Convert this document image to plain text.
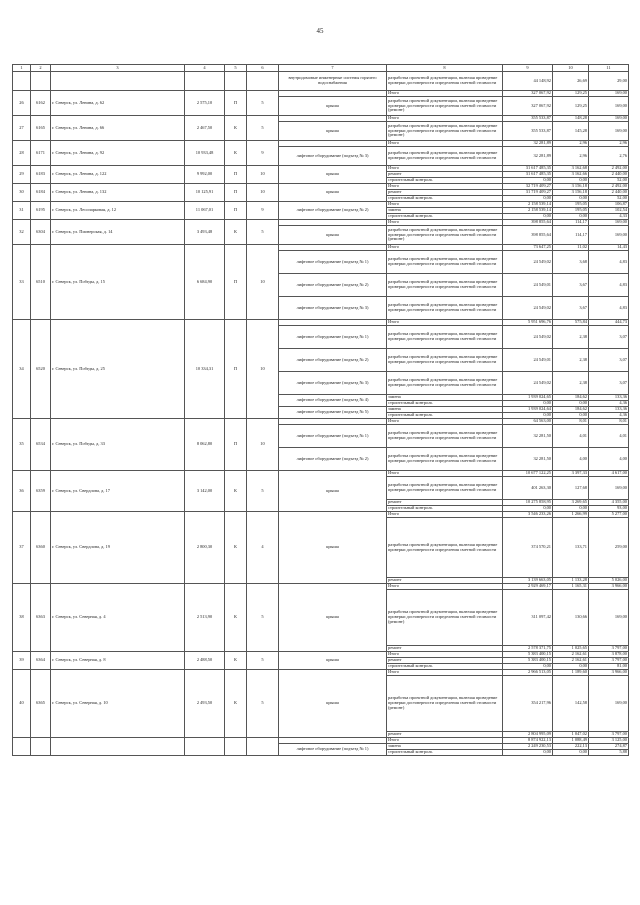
45
1	2	3	4	5	6	7	8	9	10	11
						внутридомовые инженерные системы горячего водоснабжения	разработка проектной документации, включая проведение проверки достоверности определения сметной стоимости	44 148,92	26,69	29,00
26	6162	г. Северск, ул. Ленина, д. 62	2 575,10	П	5		Итого	327 067,92	129,25	169,00
						крыша	разработка проектной документации, включая проведение проверки достоверности определения сметной стоимости (ремонт)	327 067,92	129,25	169,00
27	6165	г. Северск, ул. Ленина, д. 66	2 467,50	К	5		Итого	355 533,87	148,28	169,00
						крыша	разработка проектной документации, включая проведение проверки достоверности определения сметной стоимости (ремонт)	355 533,87	145,28	169,00
28	6171	г. Северск, ул. Ленина, д. 92	10 933,48	К	9		Итого	32 281,89	2,96	2,96
						лифтовое оборудование (подъезд № 3)	разработка проектной документации, включая проведение проверки достоверности определения сметной стоимости	32 281,89	2,96	2,76
29	6183	г. Северск, ул. Ленина, д. 122	9 992,00	П	10	крыша	Итого	31 617 485,35	3 162,68	2 492,00
							ремонт	31 617 485,35	3 162,66	2 440,00
							строительный контроль	0,00	0,00	52,00
30	6184	г. Северск, ул. Ленина, д. 132	10 125,91	П	10	крыша	Итого	32 719 409,27	3 156,18	2 492,00
							ремонт	31 719 409,27	3 156,18	2 440,00
							строительный контроль	0,00	0,00	52,00
31	6195	г. Северск, ул. Лесопарковая, д. 12	11 067,01	П	9	лифтовое оборудование (подъезд № 2)	Итого	2 158 539,14	195,05	106,87
							замена	2 158 539,14	195,05	102,54
							строительный контроль	0,00	0,00	4,33
32	6304	г. Северск, ул. Пионерская, д. 14	3 493,48	К	5		Итого	398 855,64	114,17	169,00
						крыша	разработка проектной документации, включая проведение проверки достоверности определения сметной стоимости (ремонт)	398 855,64	114,17	169,00
33	6510	г. Северск, ул. Победы, д. 15	6 684,90	П	10		Итого	73 647,25	11,02	14,43
						лифтовое оборудование (подъезд № 1)	разработка проектной документации, включая проведение проверки достоверности определения сметной стоимости	24 549,02	3,68	4,83
						лифтовое оборудование (подъезд № 2)	разработка проектной документации, включая проведение проверки достоверности определения сметной стоимости	24 549,01	3,67	4,83
						лифтовое оборудование (подъезд № 3)	разработка проектной документации, включая проведение проверки достоверности определения сметной стоимости	24 549,02	3,67	4,83
34	6520	г. Северск, ул. Победы, д. 25	10 334,31	П	10		Итого	5 951 696,76	575,84	444,73
						лифтовое оборудование (подъезд № 1)	разработка проектной документации, включая проведение проверки достоверности определения сметной стоимости	24 549,02	2,38	3,07
						лифтовое оборудование (подъезд № 2)	разработка проектной документации, включая проведение проверки достоверности определения сметной стоимости	24 549,01	2,38	3,07
						лифтовое оборудование (подъезд № 3)	разработка проектной документации, включая проведение проверки достоверности определения сметной стоимости	24 549,02	2,38	3,07
						лифтовое оборудование (подъезд № 4)	замена	1 939 024,65	184,62	133,36
							строительный контроль	0,00	0,00	4,36
						лифтовое оборудование (подъезд № 5)	замена	1 939 024,64	184,62	133,36
							строительный контроль	0,00	0,00	4,36
35	6534	г. Северск, ул. Победы, д. 33	8 062,80	П	10		Итого	64 563,00	8,01	8,01
						лифтовое оборудование (подъезд № 1)	разработка проектной документации, включая проведение проверки достоверности определения сметной стоимости	32 281,50	4,01	4,01
						лифтовое оборудование (подъезд № 2)	разработка проектной документации, включая проведение проверки достоверности определения сметной стоимости	32 281,50	4,00	4,00
36	6359	г. Северск, ул. Свердлова, д. 17	3 142,00	К	5	крыша	Итого	10 677 122,25	3 397,33	4 617,00
							разработка проектной документации, включая проведение проверки достоверности определения сметной стоимости	401 263,30	127,68	169,00
							ремонт	10 275 858,95	3 269,65	4 355,00
							строительный контроль	0,00	0,00	93,00
37	6360	г. Северск, ул. Свердлова, д. 19	2 800,30	К	4	крыша	Итого	3 546 233,26	1 266,99	5 277,00
							разработка проектной документации, включая проведение проверки достоверности определения сметной стоимости	374 570,21	133,71	259,00
							ремонт	3 139 663,05	1 133,28	5 026,00
38	6363	г. Северск, ул. Северная, д. 4	2 513,90	К	5	крыша	Итого	2 929 469,17	1 165,31	3 966,00
							разработка проектной документации, включая проведение проверки достоверности определения сметной стоимости (ремонт)	311 097,42	130,66	169,00
							ремонт	2 578 371,75	1 025,65	3 797,00
39	6364	г. Северск, ул. Северная, д. 8	2 488,50	К	5	крыша	Итого	5 383 400,15	2 162,61	3 878,00
							ремонт	5 383 400,15	2 162,61	3 797,00
							строительный контроль	0,00	0,00	81,00
40	6365	г. Северск, ул. Северная, д. 10	2 493,50	К	5	крыша	Итого	2 966 513,05	1 189,60	3 966,00
							разработка проектной документации, включая проведение проверки достоверности определения сметной стоимости (ремонт)	354 217,96	142,58	169,00
							ремонт	2 804 995,09	1 047,02	3 797,00
							Итого	8 874 922,13	1 088,49	3 125,00
						лифтовое оборудование (подъезд № 1)	замена	2 249 230,53	222,13	274,87
							строительный контроль	0,00	0,00	5,88
